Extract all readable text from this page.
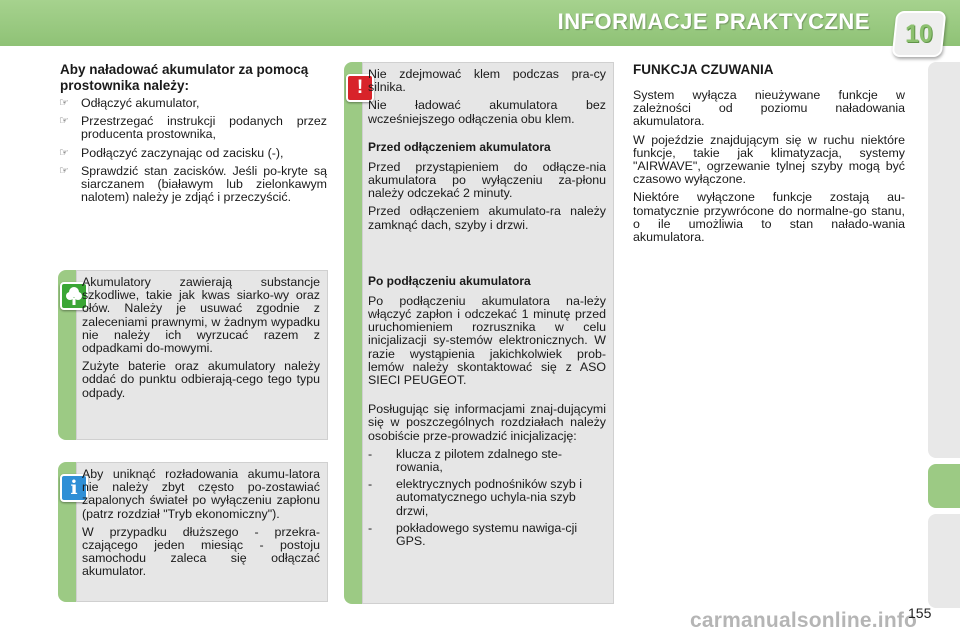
INFORMACJE PRAKTYCZNE 10
Aby naładować akumulator za pomocą prostownika należy:
☞ Odłączyć akumulator,
☞ Przestrzegać instrukcji podanych przez producenta prostownika,
☞ Podłączyć zaczynając od zacisku (-),
☞ Sprawdzić stan zacisków. Jeśli po-kryte są siarczanem (białawym lub zielonkawym nalotem) należy je zdjąć i przeczyścić.

Akumulatory zawierają substancje szkodliwe, takie jak kwas siarko-wy oraz ołów. Należy je usuwać zgodnie z zaleceniami prawnymi, w żadnym wypadku nie należy ich wyrzucać razem z odpadkami do-mowymi.

Zużyte baterie oraz akumulatory należy oddać do punktu odbierają-cego tego typu odpady.

i

Aby uniknąć rozładowania akumu-latora nie należy zbyt często po-zostawiać zapalonych świateł po wyłączeniu zapłonu (patrz rozdział "Tryb ekonomiczny").

W przypadku dłuższego - przekra-czającego jeden miesiąc - postoju samochodu zaleca się odłączać akumulator.

!

Nie zdejmować klem podczas pra-cy silnika.

Nie ładować akumulatora bez wcześniejszego odłączenia obu klem.

Przed odłączeniem akumulatora

Przed przystąpieniem do odłącze-nia akumulatora po wyłączeniu za-płonu należy odczekać 2 minuty.

Przed odłączeniem akumulato-ra należy zamknąć dach, szyby i drzwi.

Po podłączeniu akumulatora

Po podłączeniu akumulatora na-leży włączyć zapłon i odczekać 1 minutę przed uruchomieniem rozrusznika w celu inicjalizacji sy-stemów elektronicznych. W razie wystąpienia jakichkolwiek prob-lemów należy skontaktować się z ASO SIECI PEUGEOT.

Posługując się informacjami znaj-dującymi się w poszczególnych rozdziałach należy osobiście prze-prowadzić inicjalizację:

- klucza z pilotem zdalnego ste-rowania,
- elektrycznych podnośników szyb i automatycznego uchyla-nia szyb drzwi,
- pokładowego systemu nawiga-cji GPS.
FUNKCJA CZUWANIA

System wyłącza nieużywane funkcje w zależności od poziomu naładowania akumulatora.

W pojeździe znajdującym się w ruchu niektóre funkcje, takie jak klimatyzacja, systemy "AIRWAVE", ogrzewanie tylnej szyby mogą być czasowo wyłączone.

Niektóre wyłączone funkcje zostają au-tomatycznie przywrócone do normalne-go stanu, o ile umożliwia to stan nałado-wania akumulatora.

carmanualsonline.info
155
